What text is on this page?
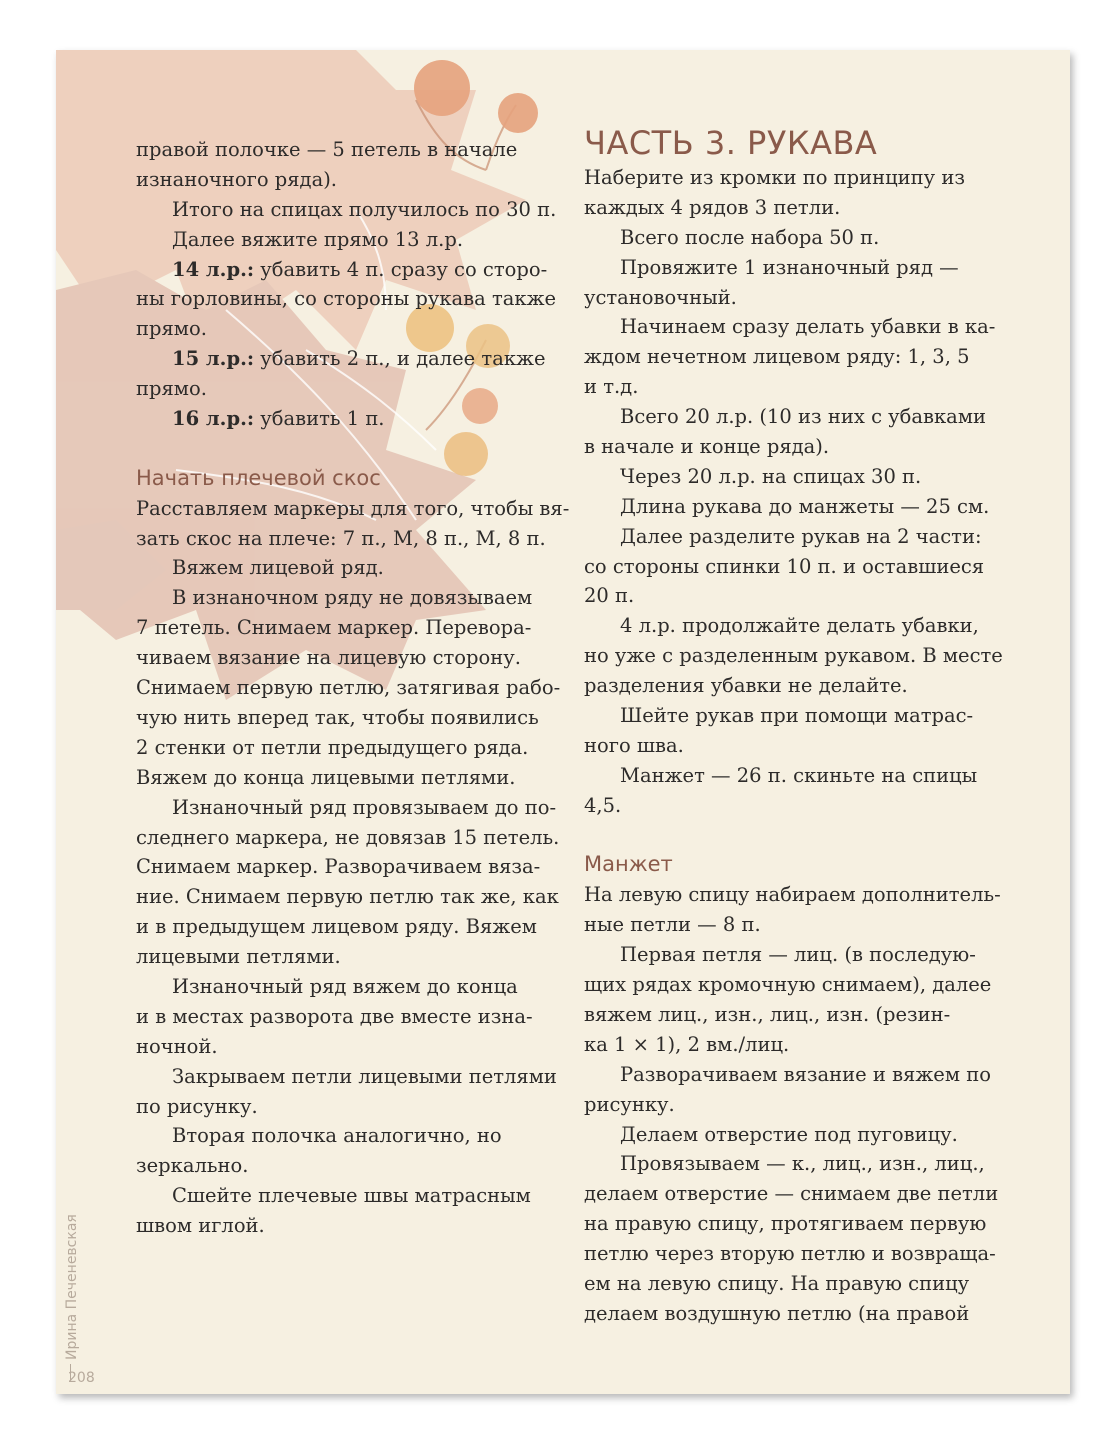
правой полочке — 5 петель в начале
изнаночного ряда).
Итого на спицах получилось по 30 п.
Далее вяжите прямо 13 л.р.
14 л.р.: убавить 4 п. сразу со сторо-
ны горловины, со стороны рукава также
прямо.
15 л.р.: убавить 2 п., и далее также
прямо.
16 л.р.: убавить 1 п.
Начать плечевой скос
Расставляем маркеры для того, чтобы вя-
зать скос на плече: 7 п., М, 8 п., М, 8 п.
Вяжем лицевой ряд.
В изнаночном ряду не довязываем
7 петель. Снимаем маркер. Перевора-
чиваем вязание на лицевую сторону.
Снимаем первую петлю, затягивая рабо-
чую нить вперед так, чтобы появились
2 стенки от петли предыдущего ряда.
Вяжем до конца лицевыми петлями.
Изнаночный ряд провязываем до по-
следнего маркера, не довязав 15 петель.
Снимаем маркер. Разворачиваем вяза-
ние. Снимаем первую петлю так же, как
и в предыдущем лицевом ряду. Вяжем
лицевыми петлями.
Изнаночный ряд вяжем до конца
и в местах разворота две вместе изна-
ночной.
Закрываем петли лицевыми петлями
по рисунку.
Вторая полочка аналогично, но
зеркально.
Сшейте плечевые швы матрасным
швом иглой.
ЧАСТЬ 3. РУКАВА
Наберите из кромки по принципу из
каждых 4 рядов 3 петли.
Всего после набора 50 п.
Провяжите 1 изнаночный ряд —
установочный.
Начинаем сразу делать убавки в ка-
ждом нечетном лицевом ряду: 1, 3, 5
и т.д.
Всего 20 л.р. (10 из них с убавками
в начале и конце ряда).
Через 20 л.р. на спицах 30 п.
Длина рукава до манжеты — 25 см.
Далее разделите рукав на 2 части:
со стороны спинки 10 п. и оставшиеся
20 п.
4 л.р. продолжайте делать убавки,
но уже с разделенным рукавом. В месте
разделения убавки не делайте.
Шейте рукав при помощи матрас-
ного шва.
Манжет — 26 п. скиньте на спицы
4,5.
Манжет
На левую спицу набираем дополнитель-
ные петли — 8 п.
Первая петля — лиц. (в последую-
щих рядах кромочную снимаем), далее
вяжем лиц., изн., лиц., изн. (резин-
ка 1 × 1), 2 вм./лиц.
Разворачиваем вязание и вяжем по
рисунку.
Делаем отверстие под пуговицу.
Провязываем — к., лиц., изн., лиц.,
делаем отверстие — снимаем две петли
на правую спицу, протягиваем первую
петлю через вторую петлю и возвраща-
ем на левую спицу. На правую спицу
делаем воздушную петлю (на правой
Ирина Печеневская
208
